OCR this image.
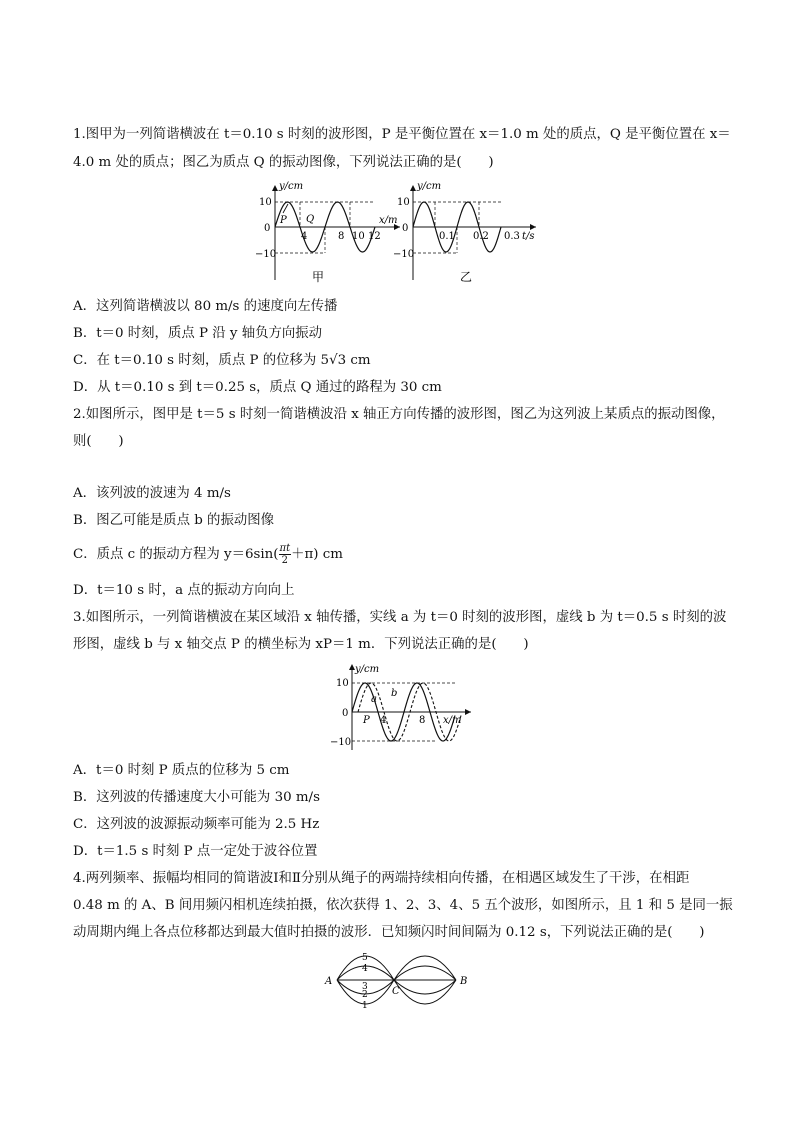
1.图甲为一列简谐横波在 t＝0.10 s 时刻的波形图，P 是平衡位置在 x＝1.0 m 处的质点，Q 是平衡位置在 x＝
4.0 m 处的质点；图乙为质点 Q 的振动图像，下列说法正确的是(　　)
y/cm
x/m
10
0
−10
4	8 10 12
P Q
甲
y/cm
t/s
10
0
−10
0.1 0.2 0.3
乙
A．这列简谐横波以 80 m/s 的速度向左传播
B．t＝0 时刻，质点 P 沿 y 轴负方向振动
C．在 t＝0.10 s 时刻，质点 P 的位移为 5√3 cm
D．从 t＝0.10 s 到 t＝0.25 s，质点 Q 通过的路程为 30 cm
2.如图所示，图甲是 t＝5 s 时刻一简谐横波沿 x 轴正方向传播的波形图，图乙为这列波上某质点的振动图像，
则(　　)
A．该列波的波速为 4 m/s
B．图乙可能是质点 b 的振动图像
C．质点 c 的振动方程为 $y=6\sin( \frac{\pi t}{2} +\pi)$ cm
D．t＝10 s 时，a 点的振动方向向上
3.如图所示，一列简谐横波在某区域沿 x 轴传播，实线 a 为 t＝0 时刻的波形图，虚线 b 为 t＝0.5 s 时刻的波
形图，虚线 b 与 x 轴交点 P 的横坐标为 xP＝1 m．下列说法正确的是(　　)
y/cm
x/m
10
0
−10
4	8
P
a
b
A．t＝0 时刻 P 质点的位移为 5 cm
B．这列波的传播速度大小可能为 30 m/s
C．这列波的波源振动频率可能为 2.5 Hz
D．t＝1.5 s 时刻 P 点一定处于波谷位置
4.两列频率、振幅均相同的简谐波Ⅰ和Ⅱ分别从绳子的两端持续相向传播，在相遇区域发生了干涉，在相距
0.48 m 的 A、B 间用频闪相机连续拍摄，依次获得 1、2、3、4、5 五个波形，如图所示，且 1 和 5 是同一振
动周期内绳上各点位移都达到最大值时拍摄的波形．已知频闪时间间隔为 0.12 s，下列说法正确的是(　　)
A	B
C
5
4
3
2
1
